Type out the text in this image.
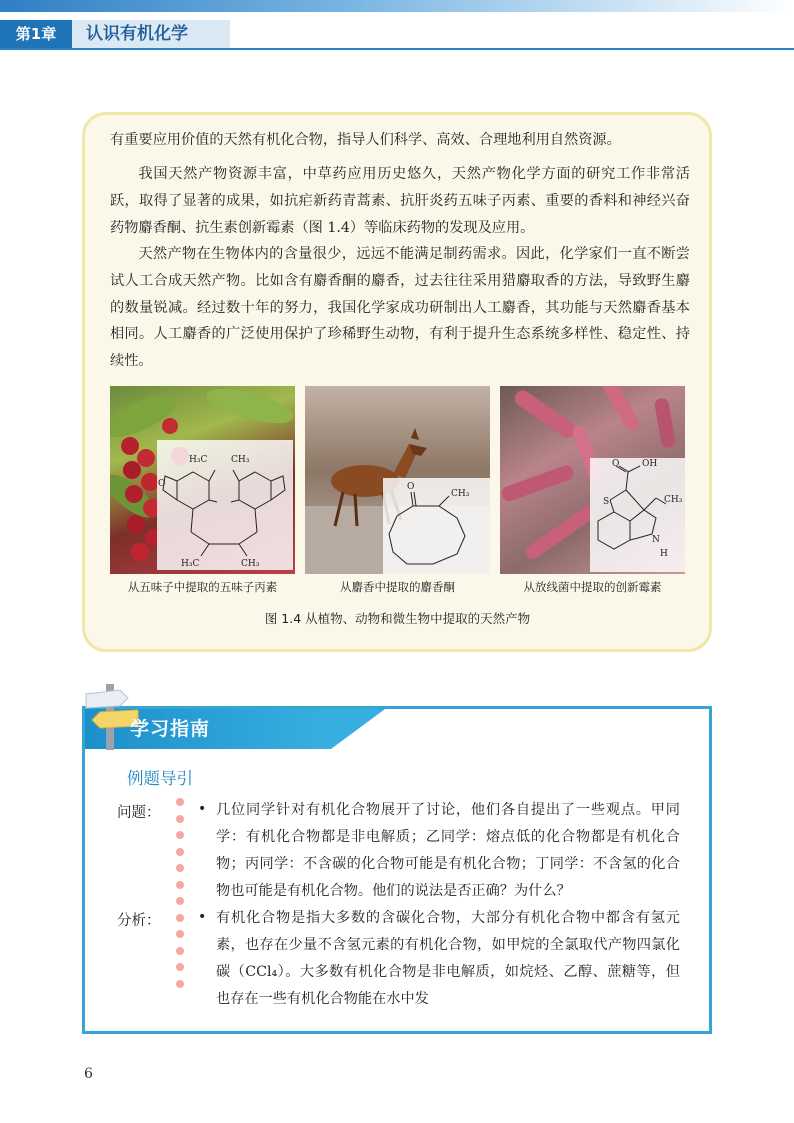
第1章	认识有机化学

有重要应用价值的天然有机化合物，指导人们科学、高效、合理地利用自然资源。

我国天然产物资源丰富，中草药应用历史悠久，天然产物化学方面的研究工作非常活跃，取得了显著的成果，如抗疟新药青蒿素、抗肝炎药五味子丙素、重要的香料和神经兴奋药物麝香酮、抗生素创新霉素（图 1.4）等临床药物的发现及应用。

天然产物在生物体内的含量很少，远远不能满足制药需求。因此，化学家们一直不断尝试人工合成天然产物。比如含有麝香酮的麝香，过去往往采用猎麝取香的方法，导致野生麝的数量锐减。经过数十年的努力，我国化学家成功研制出人工麝香，其功能与天然麝香基本相同。人工麝香的广泛使用保护了珍稀野生动物，有利于提升生态系统多样性、稳定性、持续性。

H₃C	CH₃
H₃C	CH₃
O	O
CH₃
OH
O
CH₃
S
N
H
从五味子中提取的五味子丙素	从麝香中提取的麝香酮	从放线菌中提取的创新霉素
图 1.4 从植物、动物和微生物中提取的天然产物
学习指南
例题导引
问题：
分析：
•
•

几位同学针对有机化合物展开了讨论，他们各自提出了一些观点。甲同学：有机化合物都是非电解质；乙同学：熔点低的化合物都是有机化合物；丙同学：不含碳的化合物可能是有机化合物；丁同学：不含氢的化合物也可能是有机化合物。他们的说法是否正确？为什么？

有机化合物是指大多数的含碳化合物，大部分有机化合物中都含有氢元素，也存在少量不含氢元素的有机化合物，如甲烷的全氯取代产物四氯化碳（CCl₄）。大多数有机化合物是非电解质，如烷烃、乙醇、蔗糖等，但也存在一些有机化合物能在水中发

6
